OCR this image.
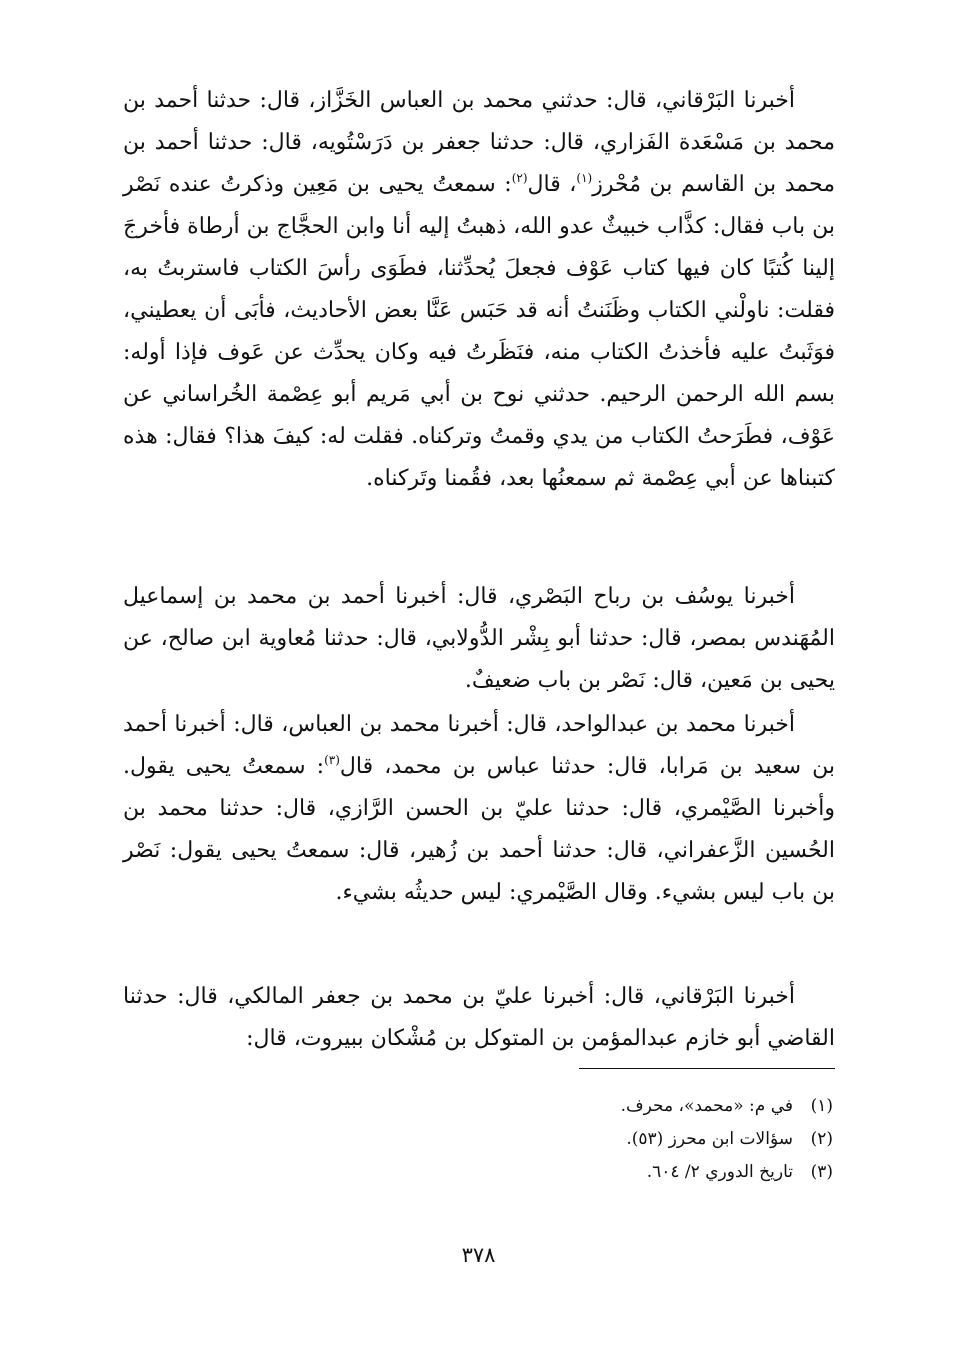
أخبرنا البَرْقاني، قال: حدثني محمد بن العباس الخَزَّاز، قال: حدثنا أحمد بن محمد بن مَسْعَدة الفَزاري، قال: حدثنا جعفر بن دَرَسْتُويه، قال: حدثنا أحمد بن محمد بن القاسم بن مُحْرز$^{(١)}$، قال$^{(٢)}$: سمعتُ يحيى بن مَعِين وذكرتُ عنده نَصْر بن باب فقال: كذَّاب خبيثٌ عدو الله، ذهبتُ إليه أنا وابن الحجَّاج بن أرطاة فأخرجَ إلينا كُتبًا كان فيها كتاب عَوْف فجعلَ يُحدِّثنا، فطَوَى رأسَ الكتاب فاستربتُ به، فقلت: ناولْني الكتاب وظَنَنتُ أنه قد حَبَس عَنَّا بعض الأحاديث، فأبَى أن يعطيني، فوَثَبتُ عليه فأخذتُ الكتاب منه، فنَظَرتُ فيه وكان يحدِّث عن عَوف فإذا أوله: بسم الله الرحمن الرحيم. حدثني نوح بن أبي مَريم أبو عِصْمة الخُراساني عن عَوْف، فطَرَحتُ الكتاب من يدي وقمتُ وتركناه. فقلت له: كيفَ هذا؟ فقال: هذه كتبناها عن أبي عِصْمة ثم سمعنُها بعد، فقُمنا وتَركناه.

أخبرنا يوسُف بن رباح البَصْري، قال: أخبرنا أحمد بن محمد بن إسماعيل المُهَندس بمصر، قال: حدثنا أبو بِشْر الدُّولابي، قال: حدثنا مُعاوية ابن صالح، عن يحيى بن مَعين، قال: نَصْر بن باب ضعيفٌ.

أخبرنا محمد بن عبدالواحد، قال: أخبرنا محمد بن العباس، قال: أخبرنا أحمد بن سعيد بن مَرابا، قال: حدثنا عباس بن محمد، قال$^{(٣)}$: سمعتُ يحيى يقول. وأخبرنا الصَّيْمري، قال: حدثنا عليّ بن الحسن الرَّازي، قال: حدثنا محمد بن الحُسين الزَّعفراني، قال: حدثنا أحمد بن زُهير، قال: سمعتُ يحيى يقول: نَصْر بن باب ليس بشيء. وقال الصَّيْمري: ليس حديثُه بشيء.

أخبرنا البَرْقاني، قال: أخبرنا عليّ بن محمد بن جعفر المالكي، قال: حدثنا القاضي أبو خازم عبدالمؤمن بن المتوكل بن مُشْكان ببيروت، قال:

(١)في م: «محمد»، محرف.
(٢)سؤالات ابن محرز (٥٣).
(٣)تاريخ الدوري ٢/ ٦٠٤.
٣٧٨
